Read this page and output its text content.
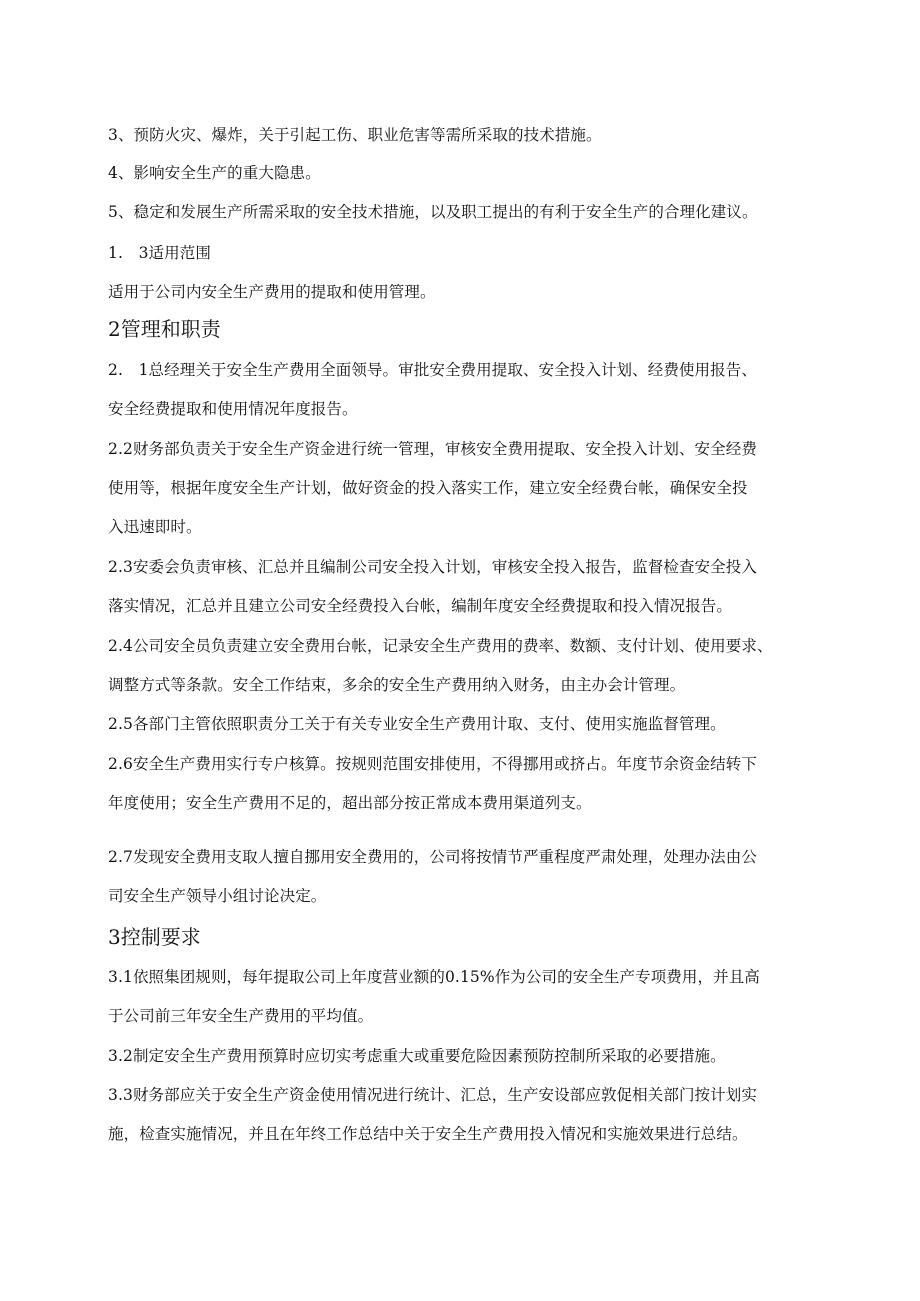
3、预防火灾、爆炸，关于引起工伤、职业危害等需所采取的技术措施。
4、影响安全生产的重大隐患。
5、稳定和发展生产所需采取的安全技术措施，以及职工提出的有利于安全生产的合理化建议。
1.　3适用范围
适用于公司内安全生产费用的提取和使用管理。
2管理和职责
2.　1总经理关于安全生产费用全面领导。审批安全费用提取、安全投入计划、经费使用报告、
安全经费提取和使用情况年度报告。
2.2财务部负责关于安全生产资金进行统一管理，审核安全费用提取、安全投入计划、安全经费
使用等，根据年度安全生产计划，做好资金的投入落实工作，建立安全经费台帐，确保安全投
入迅速即时。
2.3安委会负责审核、汇总并且编制公司安全投入计划，审核安全投入报告，监督检查安全投入
落实情况，汇总并且建立公司安全经费投入台帐，编制年度安全经费提取和投入情况报告。
2.4公司安全员负责建立安全费用台帐，记录安全生产费用的费率、数额、支付计划、使用要求、
调整方式等条款。安全工作结束，多余的安全生产费用纳入财务，由主办会计管理。
2.5各部门主管依照职责分工关于有关专业安全生产费用计取、支付、使用实施监督管理。
2.6安全生产费用实行专户核算。按规则范围安排使用，不得挪用或挤占。年度节余资金结转下
年度使用；安全生产费用不足的，超出部分按正常成本费用渠道列支。
2.7发现安全费用支取人擅自挪用安全费用的，公司将按情节严重程度严肃处理，处理办法由公
司安全生产领导小组讨论决定。
3控制要求
3.1依照集团规则，每年提取公司上年度营业额的0.15%作为公司的安全生产专项费用，并且高
于公司前三年安全生产费用的平均值。
3.2制定安全生产费用预算时应切实考虑重大或重要危险因素预防控制所采取的必要措施。
3.3财务部应关于安全生产资金使用情况进行统计、汇总，生产安设部应敦促相关部门按计划实
施，检查实施情况，并且在年终工作总结中关于安全生产费用投入情况和实施效果进行总结。
